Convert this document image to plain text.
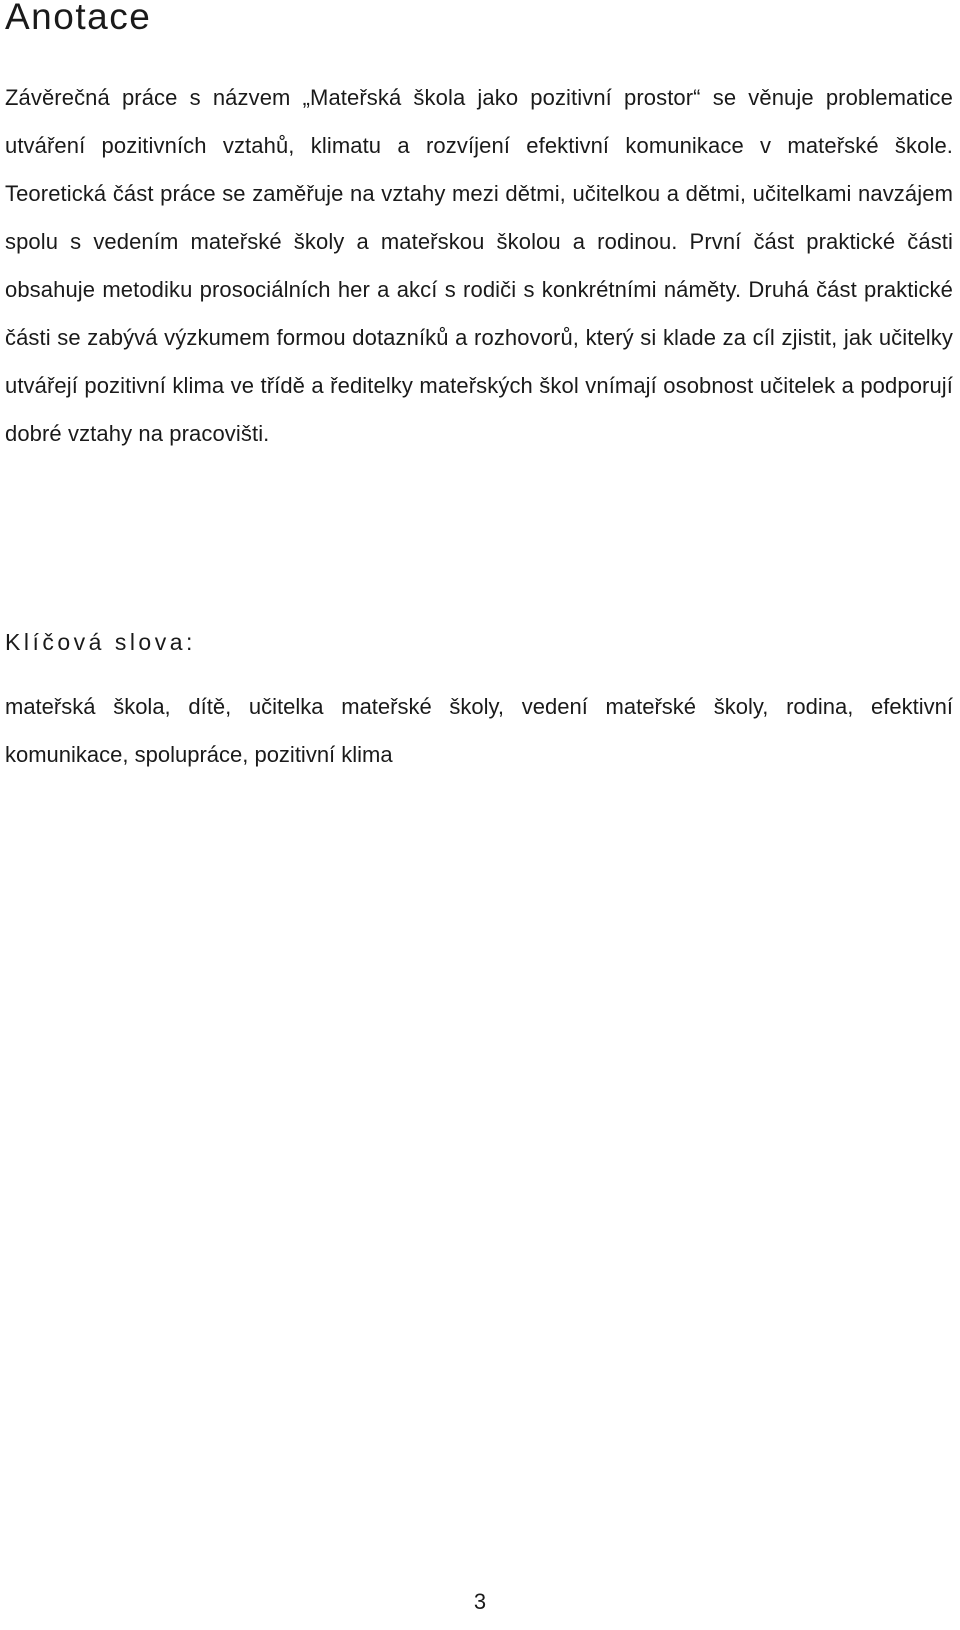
Anotace

Závěrečná práce s názvem „Mateřská škola jako pozitivní prostor“ se věnuje problematice utváření pozitivních vztahů, klimatu a rozvíjení efektivní komunikace v mateřské škole. Teoretická část práce se zaměřuje na vztahy mezi dětmi, učitelkou a dětmi, učitelkami navzájem spolu s vedením mateřské školy a mateřskou školou a rodinou. První část praktické části obsahuje metodiku prosociálních her a akcí s rodiči s konkrétními náměty. Druhá část praktické části se zabývá výzkumem formou dotazníků a rozhovorů, který si klade za cíl zjistit, jak učitelky utvářejí pozitivní klima ve třídě a ředitelky mateřských škol vnímají osobnost učitelek a podporují dobré vztahy na pracovišti.

Klíčová slova:

mateřská škola, dítě, učitelka mateřské školy, vedení mateřské školy, rodina, efektivní komunikace, spolupráce, pozitivní klima

3
